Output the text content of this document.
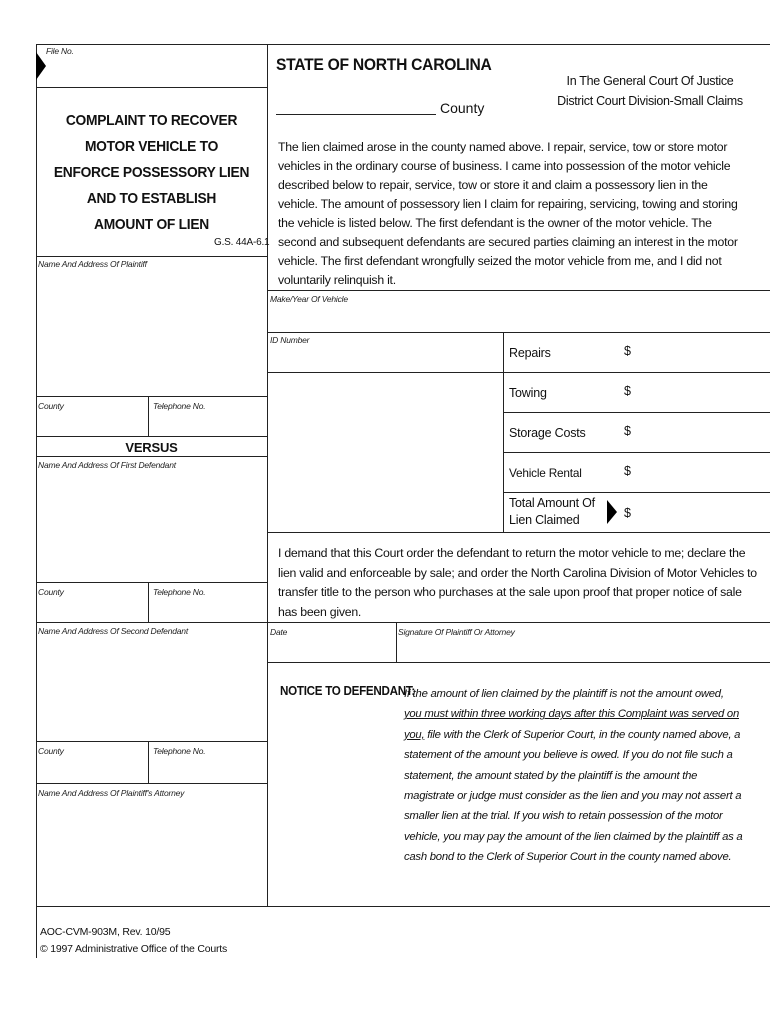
File No.
STATE OF NORTH CAROLINA
In The General Court Of Justice
District Court Division-Small Claims
County
COMPLAINT TO RECOVER
MOTOR VEHICLE TO
ENFORCE POSSESSORY LIEN
AND TO ESTABLISH
AMOUNT OF LIEN
G.S. 44A-6.1
Name And Address Of Plaintiff
County	Telephone No.
VERSUS
Name And Address Of First Defendant
County	Telephone No.
Name And Address Of Second Defendant
County	Telephone No.
Name And Address Of Plaintiff's Attorney
The lien claimed arose in the county named above. I repair, service, tow or store motor vehicles in the ordinary course of business. I came into possession of the motor vehicle described below to repair, service, tow or store it and claim a possessory lien in the vehicle. The amount of possessory lien I claim for repairing, servicing, towing and storing the vehicle is listed below. The first defendant is the owner of the motor vehicle. The second and subsequent defendants are secured parties claiming an interest in the motor vehicle. The first defendant wrongfully seized the motor vehicle from me, and I did not voluntarily relinquish it.
Make/Year Of Vehicle
ID Number
Repairs	$
Towing	$
Storage Costs	$
Vehicle Rental	$
Total Amount Of
Lien Claimed	$
I demand that this Court order the defendant to return the motor vehicle to me; declare the lien valid and enforceable by sale; and order the North Carolina Division of Motor Vehicles to transfer title to the person who purchases at the sale upon proof that proper notice of sale has been given.
Date	Signature Of Plaintiff Or Attorney
NOTICE TO DEFENDANT:
If the amount of lien claimed by the plaintiff is not the amount owed, you must within three working days after this Complaint was served on you, file with the Clerk of Superior Court, in the county named above, a statement of the amount you believe is owed. If you do not file such a statement, the amount stated by the plaintiff is the amount the magistrate or judge must consider as the lien and you may not assert a smaller lien at the trial. If you wish to retain possession of the motor vehicle, you may pay the amount of the lien claimed by the plaintiff as a cash bond to the Clerk of Superior Court in the county named above.
AOC-CVM-903M, Rev. 10/95
© 1997 Administrative Office of the Courts
